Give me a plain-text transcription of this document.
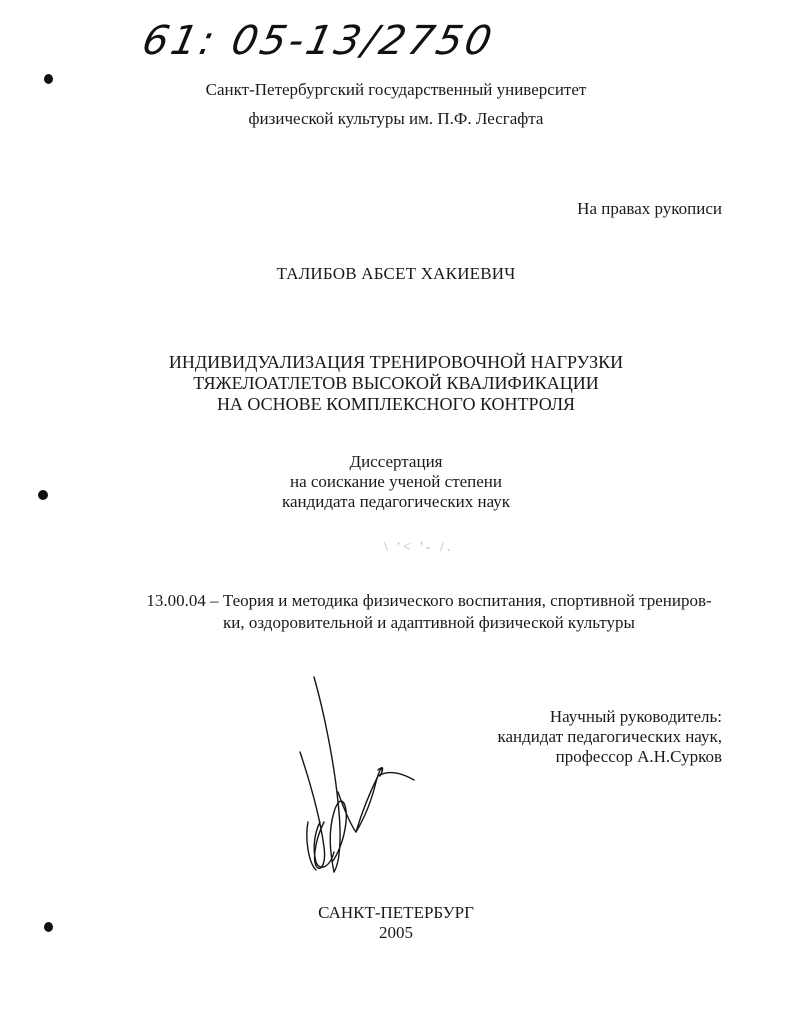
61: 05-13/2750
Санкт-Петербургский государственный университет
физической культуры им. П.Ф. Лесгафта
На правах рукописи
ТАЛИБОВ АБСЕТ ХАКИЕВИЧ
ИНДИВИДУАЛИЗАЦИЯ ТРЕНИРОВОЧНОЙ НАГРУЗКИ
ТЯЖЕЛОАТЛЕТОВ ВЫСОКОЙ КВАЛИФИКАЦИИ
НА ОСНОВЕ КОМПЛЕКСНОГО КОНТРОЛЯ
Диссертация
на соискание ученой степени
кандидата педагогических наук
\ '< '- /.
13.00.04 – Теория и методика физического воспитания, спортивной трениров-
ки, оздоровительной и адаптивной физической культуры
Научный руководитель:
кандидат педагогических наук,
профессор А.Н.Сурков
САНКТ-ПЕТЕРБУРГ
2005
